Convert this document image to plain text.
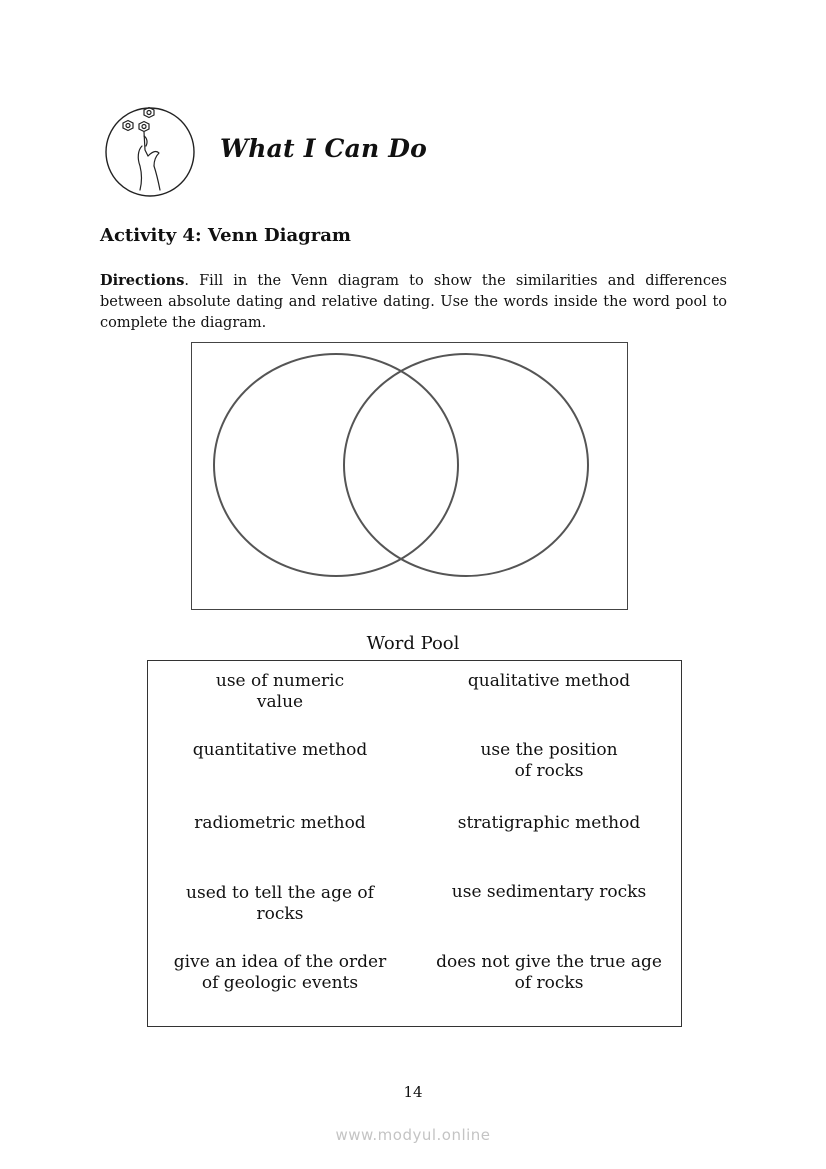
What I Can Do
Activity 4: Venn Diagram

Directions. Fill in the Venn diagram to show the similarities and differences between absolute dating and relative dating. Use the words inside the word pool to complete the diagram.

Word Pool
use of numeric
value
qualitative method
quantitative method	use the position
of rocks
radiometric method	stratigraphic method
used to tell the age of
rocks
use sedimentary rocks
give an idea of the order
of geologic events
does not give the true age
of rocks
14
www.modyul.online
